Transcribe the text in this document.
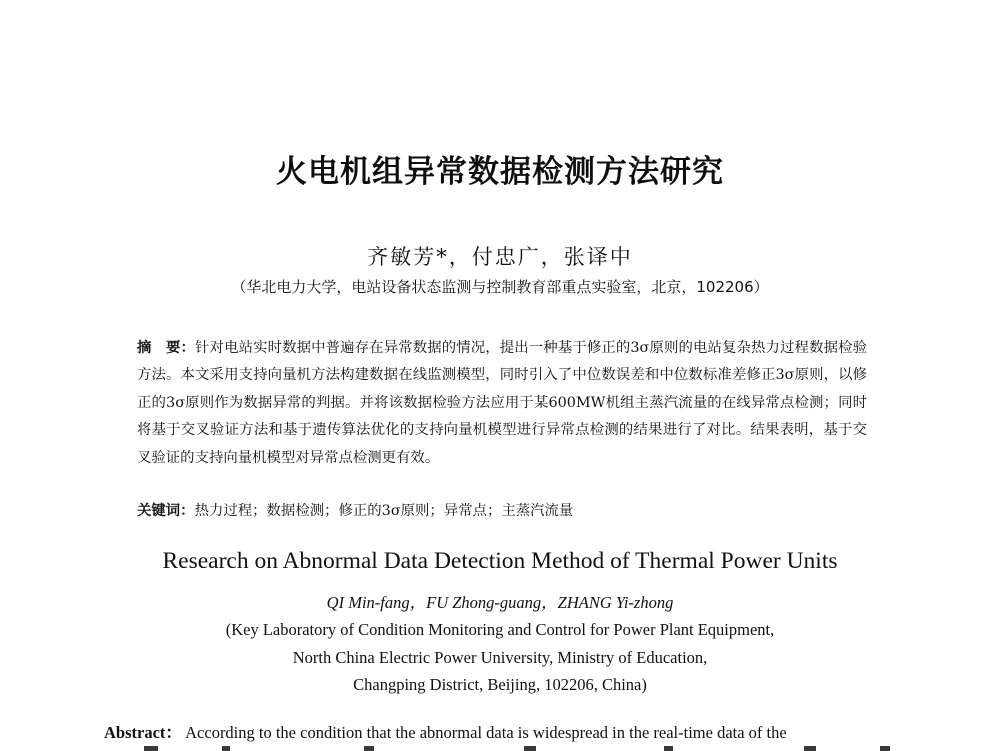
火电机组异常数据检测方法研究
齐敏芳*，付忠广，张译中
（华北电力大学，电站设备状态监测与控制教育部重点实验室，北京，102206）
摘　要：针对电站实时数据中普遍存在异常数据的情况，提出一种基于修正的3σ原则的电站复杂热力过程数据检验方法。本文采用支持向量机方法构建数据在线监测模型，同时引入了中位数误差和中位数标准差修正3σ原则，以修正的3σ原则作为数据异常的判据。并将该数据检验方法应用于某600MW机组主蒸汽流量的在线异常点检测；同时将基于交叉验证方法和基于遗传算法优化的支持向量机模型进行异常点检测的结果进行了对比。结果表明，基于交叉验证的支持向量机模型对异常点检测更有效。
关键词：热力过程；数据检测；修正的3σ原则；异常点；主蒸汽流量
Research on Abnormal Data Detection Method of Thermal Power Units
QI Min-fang，FU Zhong-guang，ZHANG Yi-zhong
(Key Laboratory of Condition Monitoring and Control for Power Plant Equipment,
North China Electric Power University, Ministry of Education,
Changping District, Beijing, 102206, China)
Abstract： According to the condition that the abnormal data is widespread in the real-time data of the
